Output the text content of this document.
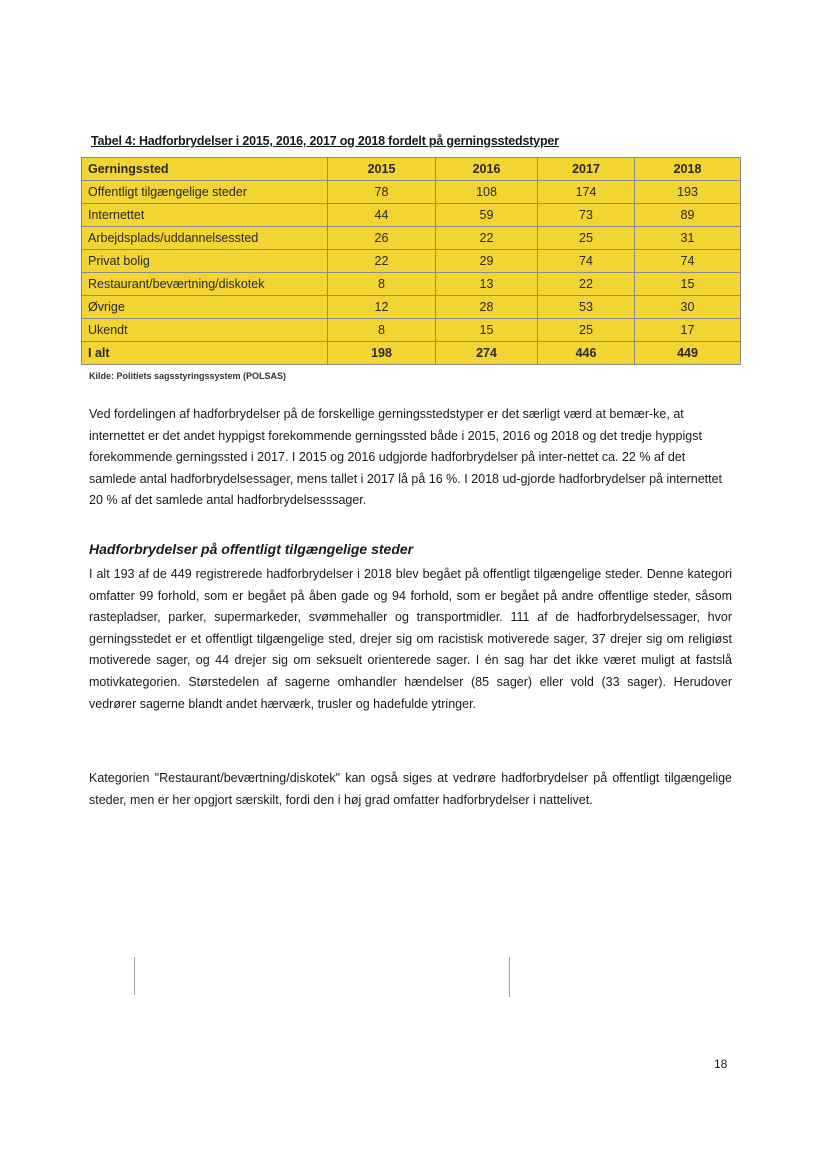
Tabel 4: Hadforbrydelser i 2015, 2016, 2017 og 2018 fordelt på gerningsstedstyper
Gerningssted	2015	2016	2017	2018
Offentligt tilgængelige steder	78	108	174	193
Internettet	44	59	73	89
Arbejdsplads/uddannelsessted	26	22	25	31
Privat bolig	22	29	74	74
Restaurant/beværtning/diskotek	8	13	22	15
Øvrige	12	28	53	30
Ukendt	8	15	25	17
I alt	198	274	446	449
Kilde: Politiets sagsstyringssystem (POLSAS)

Ved fordelingen af hadforbrydelser på de forskellige gerningsstedstyper er det særligt værd at bemær-ke, at internettet er det andet hyppigst forekommende gerningssted både i 2015, 2016 og 2018 og det tredje hyppigst forekommende gerningssted i 2017. I 2015 og 2016 udgjorde hadforbrydelser på inter-nettet ca. 22 % af det samlede antal hadforbrydelsessager, mens tallet i 2017 lå på 16 %. I 2018 ud-gjorde hadforbrydelser på internettet 20 % af det samlede antal hadforbrydelsesssager.

Hadforbrydelser på offentligt tilgængelige steder

I alt 193 af de 449 registrerede hadforbrydelser i 2018 blev begået på offentligt tilgængelige steder. Denne kategori omfatter 99 forhold, som er begået på åben gade og 94 forhold, som er begået på andre offentlige steder, såsom rastepladser, parker, supermarkeder, svømmehaller og transportmidler. 111 af de hadforbrydelsessager, hvor gerningsstedet er et offentligt tilgængelige sted, drejer sig om racistisk motiverede sager, 37 drejer sig om religiøst motiverede sager, og 44 drejer sig om seksuelt orienterede sager. I én sag har det ikke været muligt at fastslå motivkategorien. Størstedelen af sagerne omhandler hændelser (85 sager) eller vold (33 sager). Herudover vedrører sagerne blandt andet hærværk, trusler og hadefulde ytringer.

Kategorien "Restaurant/beværtning/diskotek" kan også siges at vedrøre hadforbrydelser på offentligt tilgængelige steder, men er her opgjort særskilt, fordi den i høj grad omfatter hadforbrydelser i nattelivet.

18
